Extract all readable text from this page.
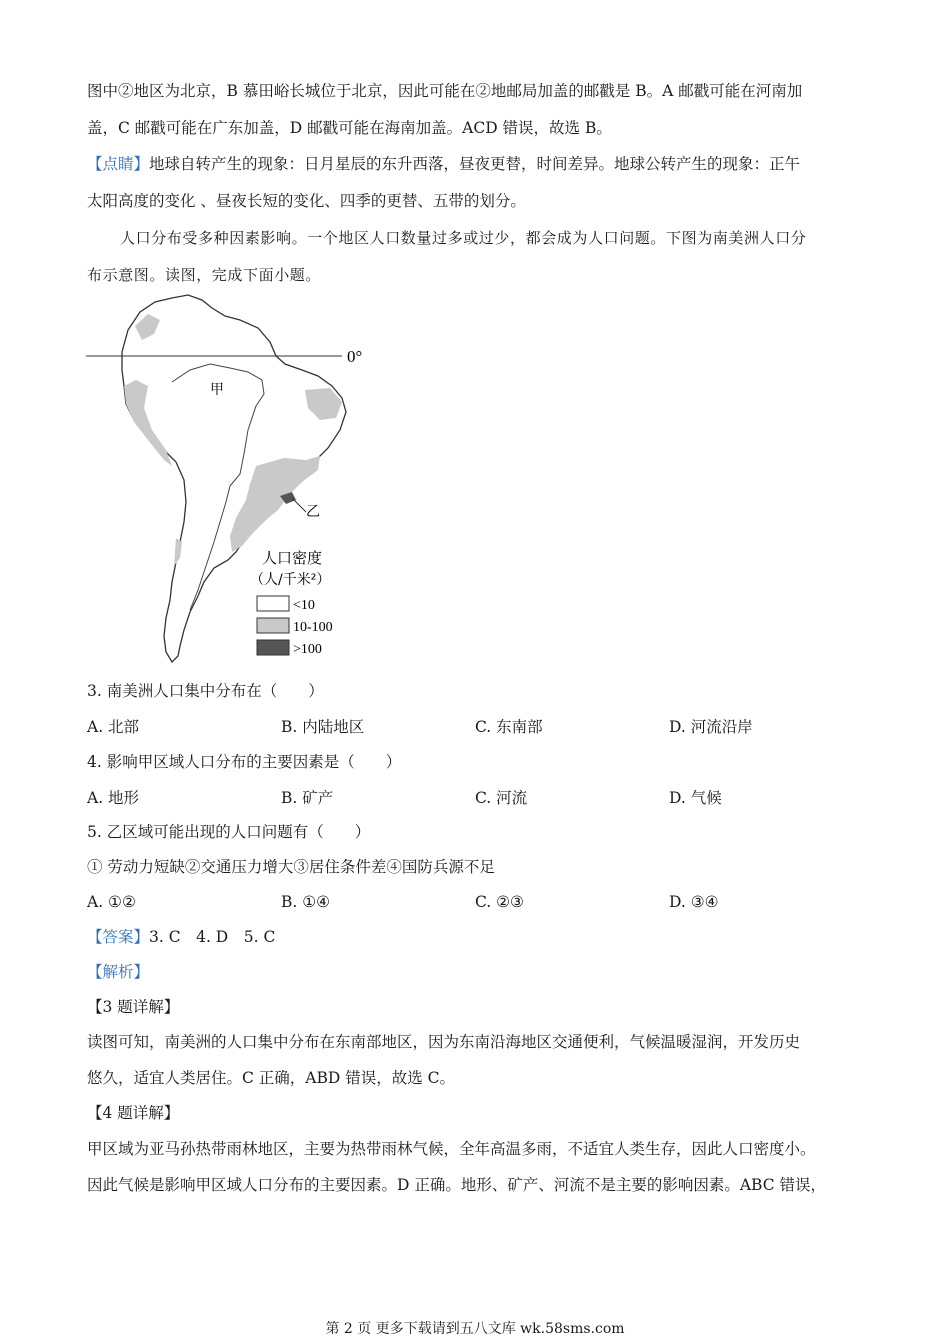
图中②地区为北京，B 慕田峪长城位于北京，因此可能在②地邮局加盖的邮戳是 B。A 邮戳可能在河南加
盖，C 邮戳可能在广东加盖，D 邮戳可能在海南加盖。ACD 错误，故选 B。
【点睛】地球自转产生的现象：日月星辰的东升西落，昼夜更替，时间差异。地球公转产生的现象：正午
太阳高度的变化 、昼夜长短的变化、四季的更替、五带的划分。
人口分布受多种因素影响。一个地区人口数量过多或过少，都会成为人口问题。下图为南美洲人口分
布示意图。读图，完成下面小题。
0°
甲
乙
人口密度
（人/千米²）
<10
10-100
>100
3. 南美洲人口集中分布在（　　）
A. 北部	B. 内陆地区	C. 东南部	D. 河流沿岸
4. 影响甲区域人口分布的主要因素是（　　）
A. 地形	B. 矿产	C. 河流	D. 气候
5. 乙区域可能出现的人口问题有（　　）
① 劳动力短缺②交通压力增大③居住条件差④国防兵源不足
A. ①②	B. ①④	C. ②③	D. ③④
【答案】3. C　4. D　5. C
【解析】
【3 题详解】
读图可知，南美洲的人口集中分布在东南部地区，因为东南沿海地区交通便利，气候温暖湿润，开发历史
悠久，适宜人类居住。C 正确，ABD 错误，故选 C。
【4 题详解】
甲区域为亚马孙热带雨林地区，主要为热带雨林气候，全年高温多雨，不适宜人类生存，因此人口密度小。
因此气候是影响甲区域人口分布的主要因素。D 正确。地形、矿产、河流不是主要的影响因素。ABC 错误，
第 2 页 更多下载请到五八文库 wk.58sms.com
